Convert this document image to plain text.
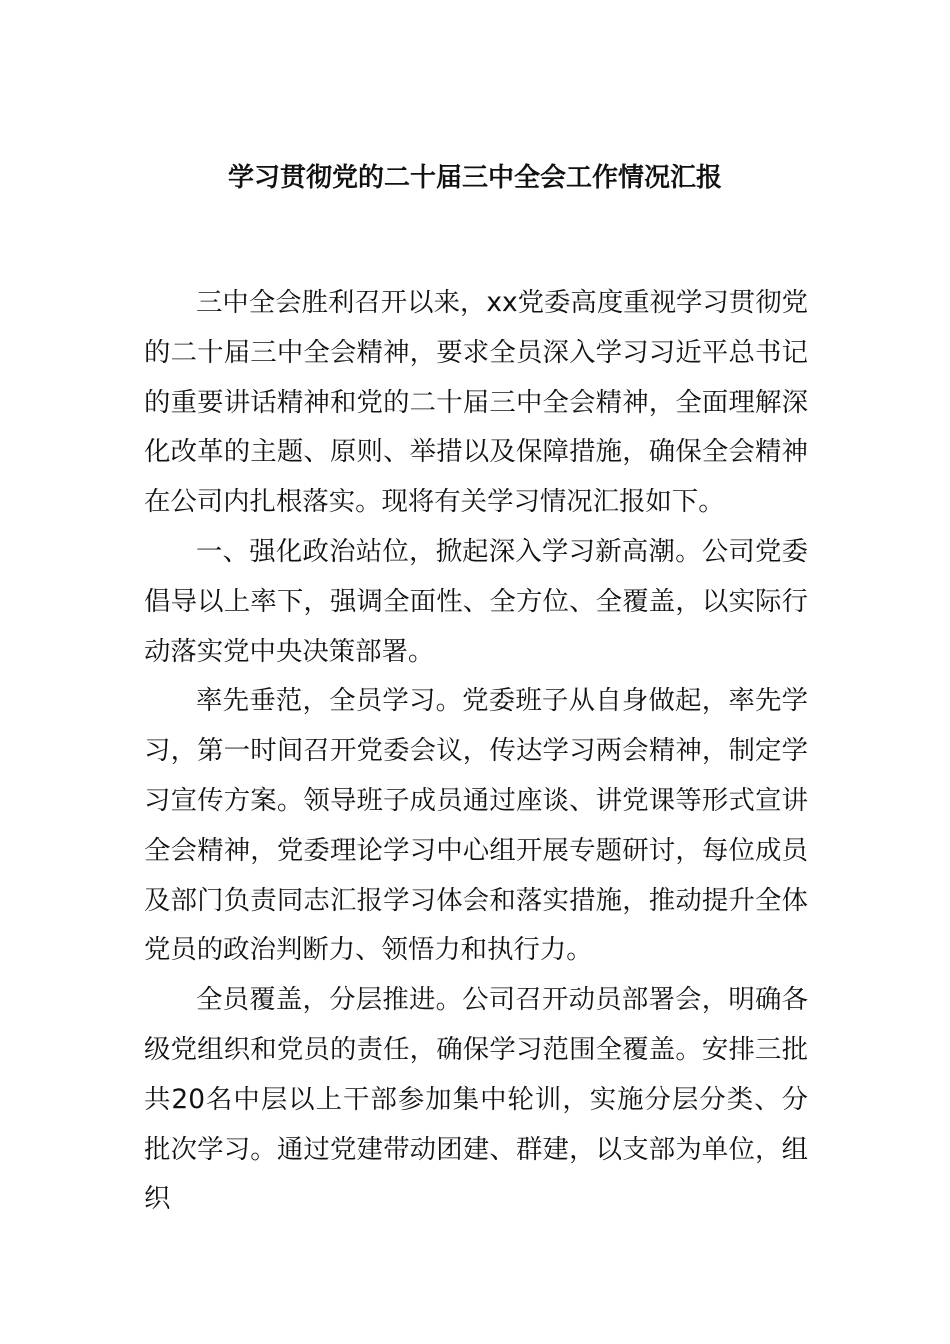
学习贯彻党的二十届三中全会工作情况汇报

三中全会胜利召开以来，xx党委高度重视学习贯彻党的二十届三中全会精神，要求全员深入学习习近平总书记的重要讲话精神和党的二十届三中全会精神，全面理解深化改革的主题、原则、举措以及保障措施，确保全会精神在公司内扎根落实。现将有关学习情况汇报如下。

一、强化政治站位，掀起深入学习新高潮。公司党委倡导以上率下，强调全面性、全方位、全覆盖，以实际行动落实党中央决策部署。

率先垂范，全员学习。党委班子从自身做起，率先学习，第一时间召开党委会议，传达学习两会精神，制定学习宣传方案。领导班子成员通过座谈、讲党课等形式宣讲全会精神，党委理论学习中心组开展专题研讨，每位成员及部门负责同志汇报学习体会和落实措施，推动提升全体党员的政治判断力、领悟力和执行力。

全员覆盖，分层推进。公司召开动员部署会，明确各级党组织和党员的责任，确保学习范围全覆盖。安排三批共20名中层以上干部参加集中轮训，实施分层分类、分批次学习。通过党建带动团建、群建，以支部为单位，组织
